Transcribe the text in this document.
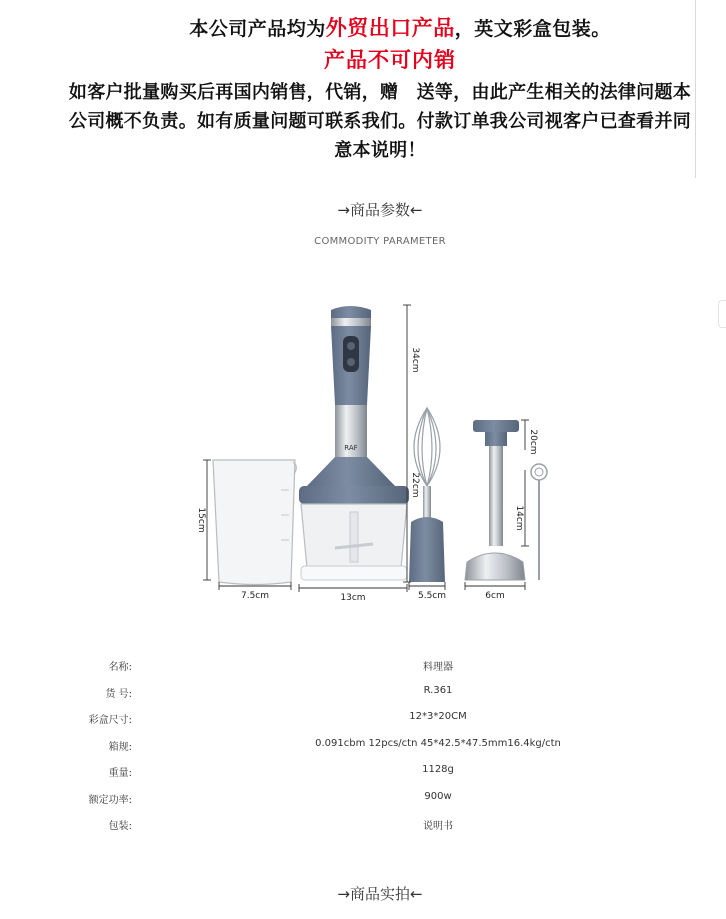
本公司产品均为外贸出口产品，英文彩盒包装。
产品不可内销
如客户批量购买后再国内销售，代销，赠　送等，由此产生相关的法律问题本公司概不负责。如有质量问题可联系我们。付款订单我公司视客户已查看并同意本说明！
→商品参数←
COMMODITY PARAMETER
RAF
15cm
7.5cm	13cm
34cm
22cm
5.5cm
20cm
14cm
6cm
名称:	料理器
货 号:	R.361
彩盒尺寸:	12*3*20CM
箱规:	0.091cbm 12pcs/ctn 45*42.5*47.5mm16.4kg/ctn
重量:	1128g
额定功率:	900w
包装:	说明书
→商品实拍←
